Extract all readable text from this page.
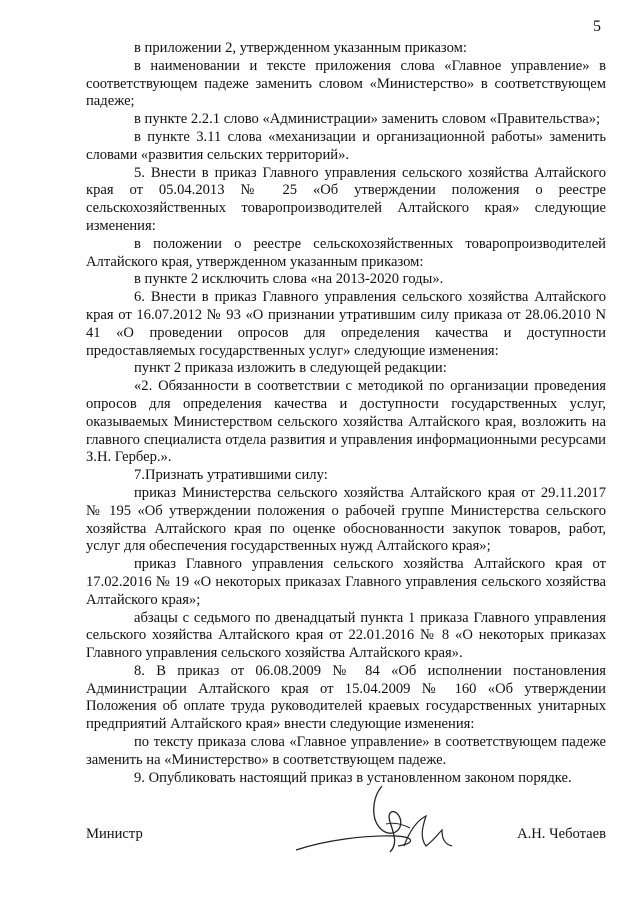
5

в приложении 2, утвержденном указанным приказом:

в наименовании и тексте приложения слова «Главное управление» в соответствующем падеже заменить словом «Министерство» в соответствующем падеже;

в пункте 2.2.1 слово «Администрации» заменить словом «Правительства»;

в пункте 3.11 слова «механизации и организационной работы» заменить словами «развития сельских территорий».

5. Внести в приказ Главного управления сельского хозяйства Алтайского края от 05.04.2013 № 25 «Об утверждении положения о реестре сельскохозяйственных товаропроизводителей Алтайского края» следующие изменения:

в положении о реестре сельскохозяйственных товаропроизводителей Алтайского края, утвержденном указанным приказом:

в пункте 2 исключить слова «на 2013-2020 годы».

6. Внести в приказ Главного управления сельского хозяйства Алтайского края от 16.07.2012 № 93 «О признании утратившим силу приказа от 28.06.2010 N 41 «О проведении опросов для определения качества и доступности предоставляемых государственных услуг» следующие изменения:

пункт 2 приказа изложить в следующей редакции:

«2. Обязанности в соответствии с методикой по организации проведения опросов для определения качества и доступности государственных услуг, оказываемых Министерством сельского хозяйства Алтайского края, возложить на главного специалиста отдела развития и управления информационными ресурсами З.Н. Гербер.».

7.Признать утратившими силу:

приказ Министерства сельского хозяйства Алтайского края от 29.11.2017 № 195 «Об утверждении положения о рабочей группе Министерства сельского хозяйства Алтайского края по оценке обоснованности закупок товаров, работ, услуг для обеспечения государственных нужд Алтайского края»;

приказ Главного управления сельского хозяйства Алтайского края от 17.02.2016 № 19 «О некоторых приказах Главного управления сельского хозяйства Алтайского края»;

абзацы с седьмого по двенадцатый пункта 1 приказа Главного управления сельского хозяйства Алтайского края от 22.01.2016 № 8 «О некоторых приказах Главного управления сельского хозяйства Алтайского края».

8. В приказ от 06.08.2009 № 84 «Об исполнении постановления Администрации Алтайского края от 15.04.2009 № 160 «Об утверждении Положения об оплате труда руководителей краевых государственных унитарных предприятий Алтайского края» внести следующие изменения:

по тексту приказа слова «Главное управление» в соответствующем падеже заменить на «Министерство» в соответствующем падеже.

9. Опубликовать настоящий приказ в установленном законом порядке.

Министр	А.Н. Чеботаев
